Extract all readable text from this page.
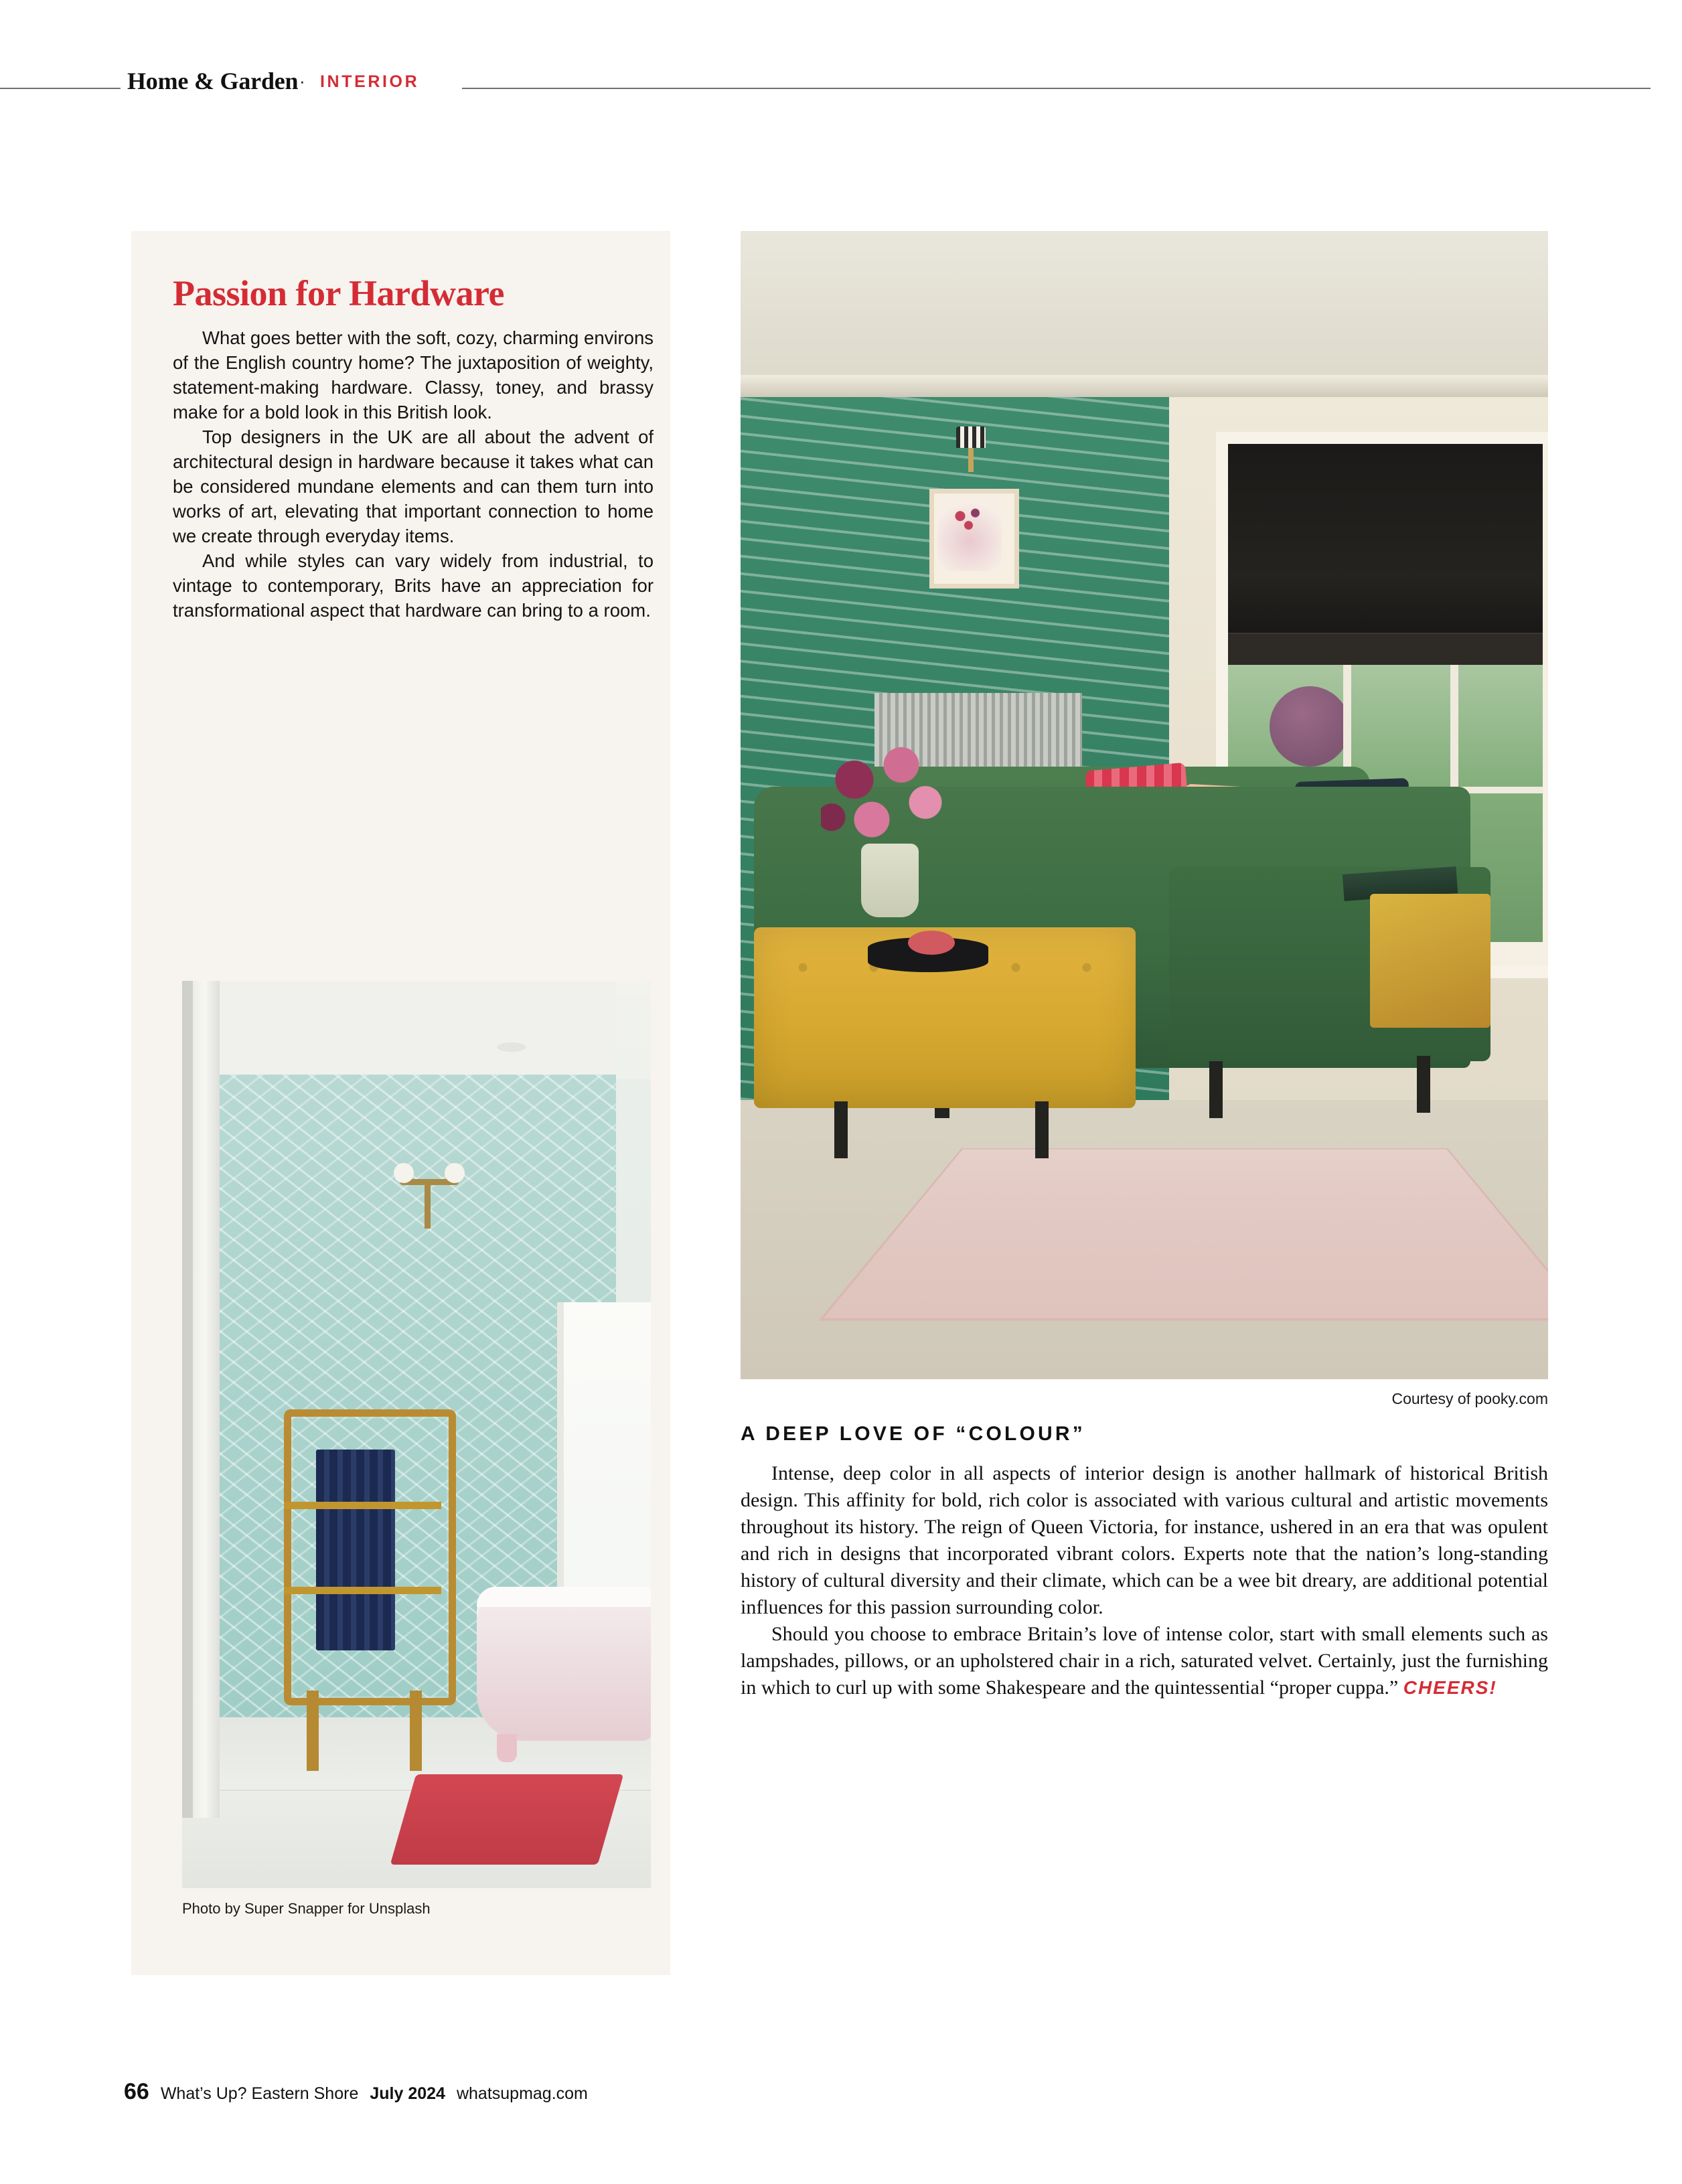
Home & Garden · INTERIOR
Passion for Hardware

What goes better with the soft, cozy, charming environs of the English country home? The juxtaposition of weighty, statement-making hardware. Classy, toney, and brassy make for a bold look in this British look.

Top designers in the UK are all about the advent of architectural design in hardware because it takes what can be considered mundane elements and can them turn into works of art, elevating that important connection to home we create through everyday items.

And while styles can vary widely from industrial, to vintage to contemporary, Brits have an appreciation for transformational aspect that hardware can bring to a room.

Photo by Super Snapper for Unsplash
Courtesy of pooky.com
A DEEP LOVE OF “COLOUR”

Intense, deep color in all aspects of interior design is another hallmark of historical British design. This affinity for bold, rich color is associated with various cultural and artistic movements throughout its history. The reign of Queen Victoria, for instance, ushered in an era that was opulent and rich in designs that incorporated vibrant colors. Experts note that the nation’s long-standing history of cultural diversity and their climate, which can be a wee bit dreary, are additional potential influences for this passion surrounding color.

Should you choose to embrace Britain’s love of intense color, start with small elements such as lampshades, pillows, or an upholstered chair in a rich, saturated velvet. Certainly, just the furnishing in which to curl up with some Shakespeare and the quintessential “proper cuppa.” CHEERS!

66 What’s Up? Eastern Shore July 2024 whatsupmag.com
